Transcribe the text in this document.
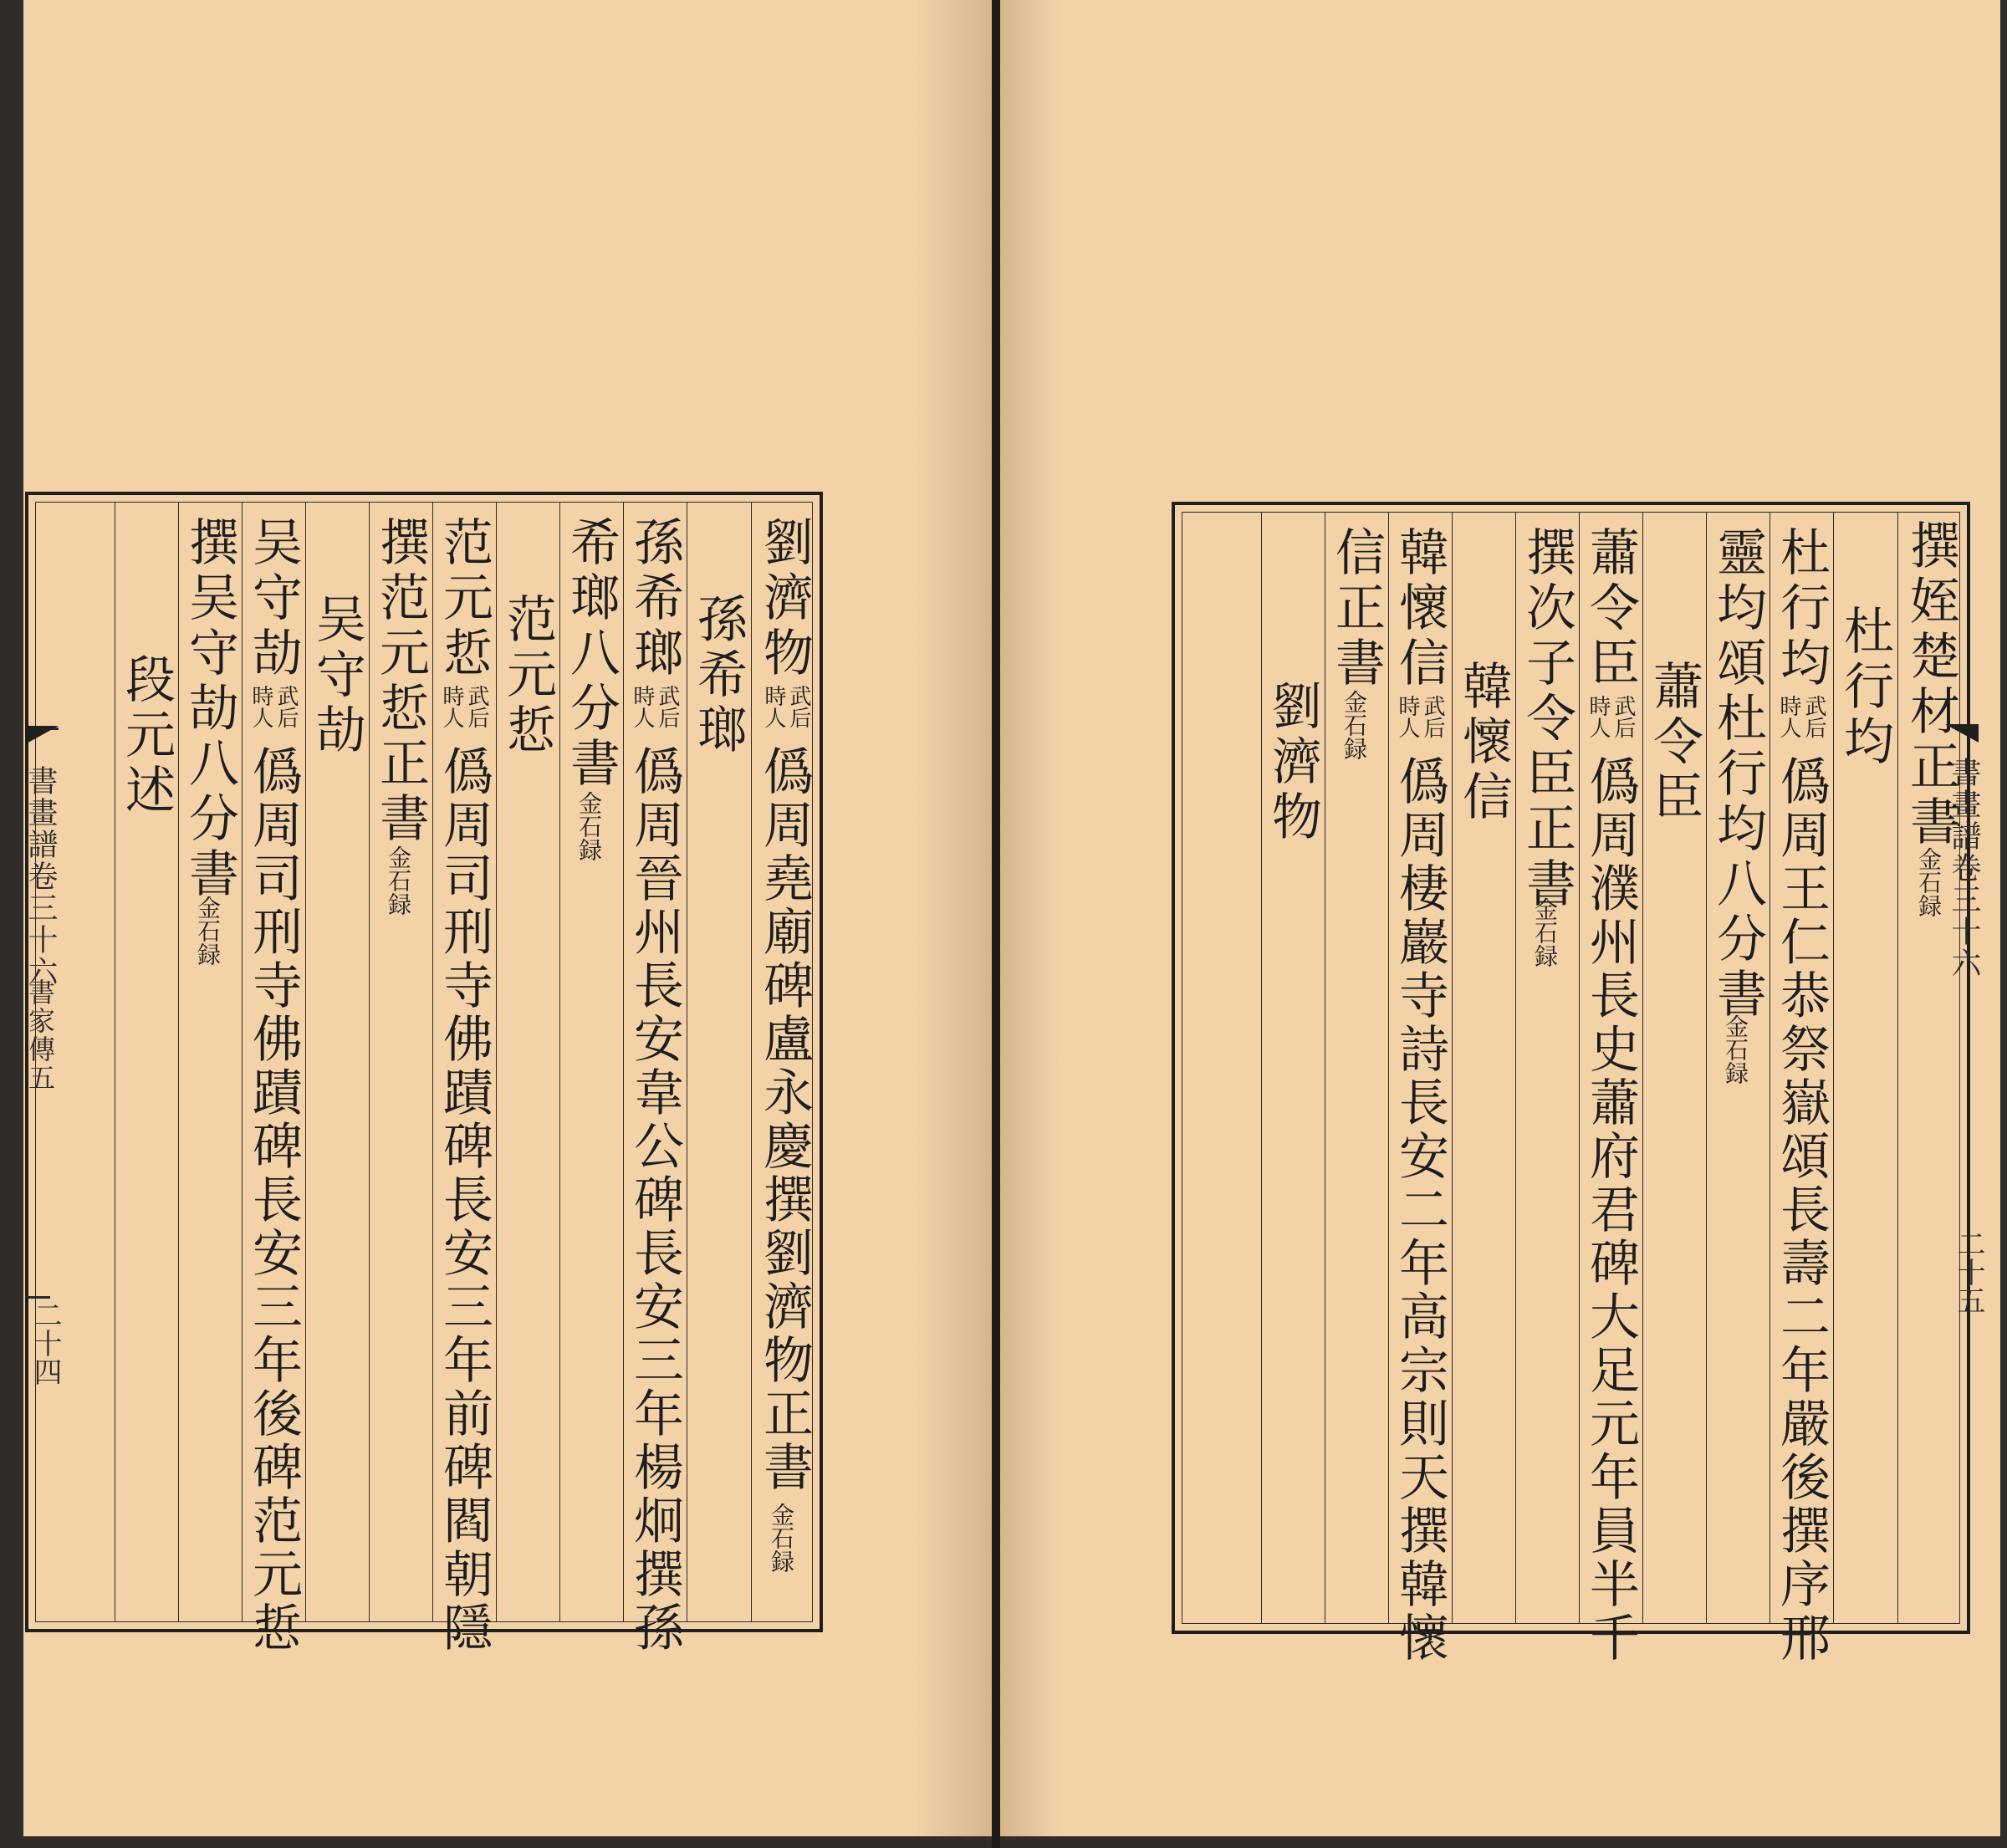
劉濟物
武后時人
僞周堯廟碑盧永慶撰劉濟物正書
金石録
孫希瑯
孫希瑯
武后時人
僞周晉州長安韋公碑長安三年楊炯撰孫
希瑯八分書
金石録
范元悊
范元悊
武后時人
僞周司刑寺佛蹟碑長安三年前碑閻朝隱
撰范元悊正書
金石録
吴守劼
吴守劼
武后時人
僞周司刑寺佛蹟碑長安三年後碑范元悊
撰吴守劼八分書
金石録
段元述
書畫譜卷三十六
書家傳五
二十四
撰姪楚材正書
金石録
杜行均
杜行均
武后時人
僞周王仁恭祭嶽頌長壽二年嚴後撰序邢
靈均頌杜行均八分書
金石録
蕭令臣
蕭令臣
武后時人
僞周濮州長史蕭府君碑大足元年員半千
撰次子令臣正書
金石録
韓懷信
韓懷信
武后時人
僞周棲巖寺詩長安二年高宗則天撰韓懷
信正書
金石録
劉濟物	書畫譜卷三十六
二十五
